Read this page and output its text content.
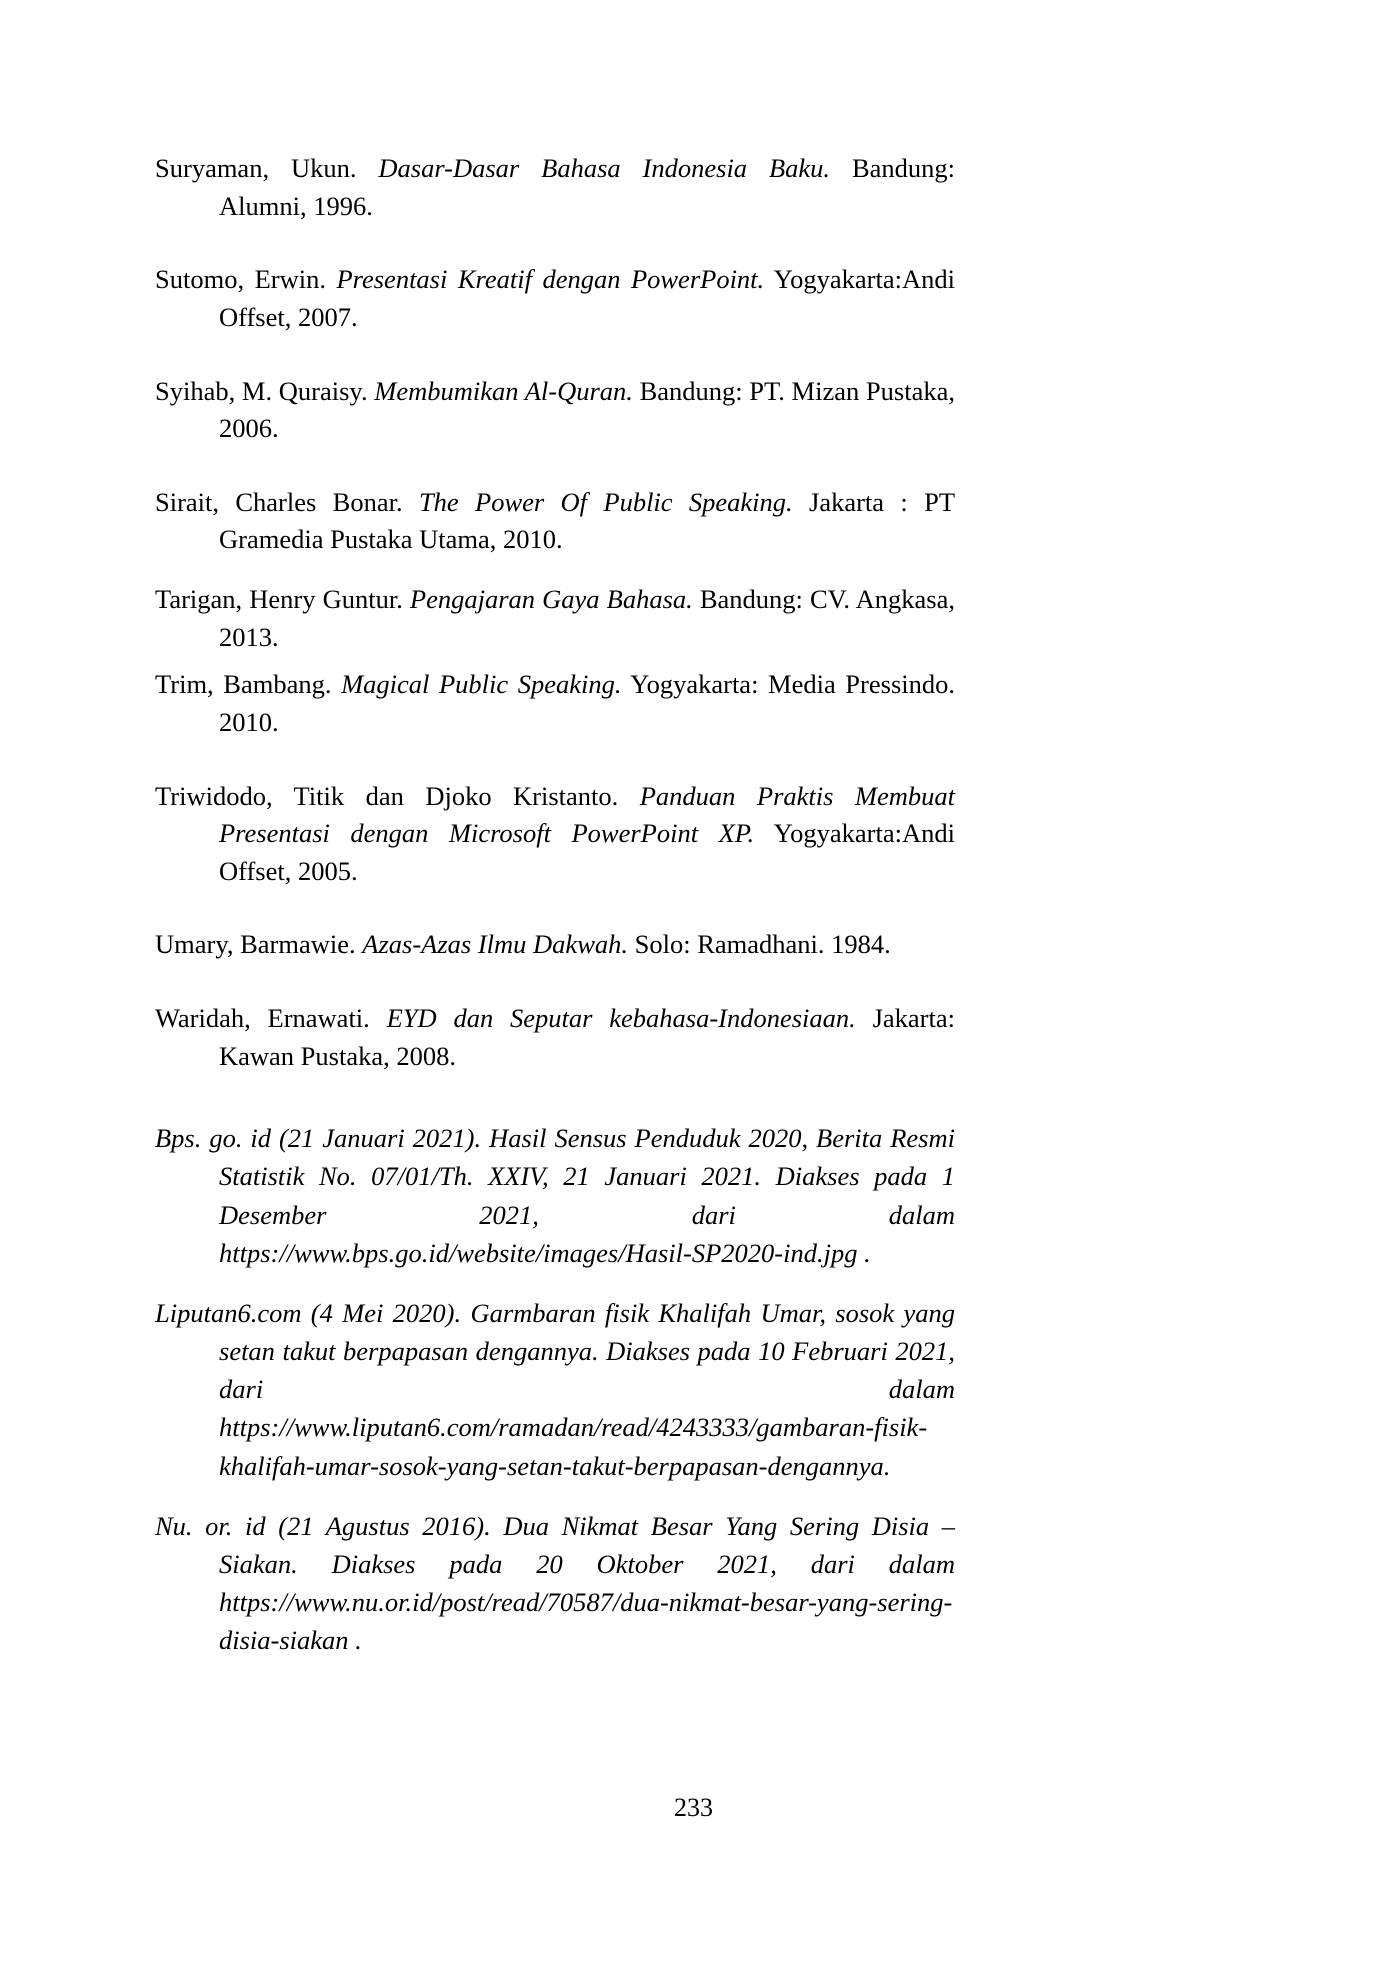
Suryaman, Ukun. Dasar-Dasar Bahasa Indonesia Baku. Bandung: Alumni, 1996.

Sutomo, Erwin. Presentasi Kreatif dengan PowerPoint. Yogyakarta:Andi Offset, 2007.

Syihab, M. Quraisy. Membumikan Al-Quran. Bandung: PT. Mizan Pustaka, 2006.

Sirait, Charles Bonar. The Power Of Public Speaking. Jakarta : PT Gramedia Pustaka Utama, 2010.

Tarigan, Henry Guntur. Pengajaran Gaya Bahasa. Bandung: CV. Angkasa, 2013.

Trim, Bambang. Magical Public Speaking. Yogyakarta: Media Pressindo. 2010.

Triwidodo, Titik dan Djoko Kristanto. Panduan Praktis Membuat Presentasi dengan Microsoft PowerPoint XP. Yogyakarta:Andi Offset, 2005.

Umary, Barmawie. Azas-Azas Ilmu Dakwah. Solo: Ramadhani. 1984.

Waridah, Ernawati. EYD dan Seputar kebahasa-Indonesiaan. Jakarta: Kawan Pustaka, 2008.

Bps. go. id (21 Januari 2021). Hasil Sensus Penduduk 2020, Berita Resmi Statistik No. 07/01/Th. XXIV, 21 Januari 2021. Diakses pada 1 Desember 2021, dari dalam https://www.bps.go.id/website/images/Hasil-SP2020-ind.jpg .

Liputan6.com (4 Mei 2020). Garmbaran fisik Khalifah Umar, sosok yang setan takut berpapasan dengannya. Diakses pada 10 Februari 2021, dari dalam https://www.liputan6.com/ramadan/read/4243333/gambaran-fisik-khalifah-umar-sosok-yang-setan-takut-berpapasan-dengannya.

Nu. or. id (21 Agustus 2016). Dua Nikmat Besar Yang Sering Disia – Siakan. Diakses pada 20 Oktober 2021, dari dalam https://www.nu.or.id/post/read/70587/dua-nikmat-besar-yang-sering-disia-siakan .

233
